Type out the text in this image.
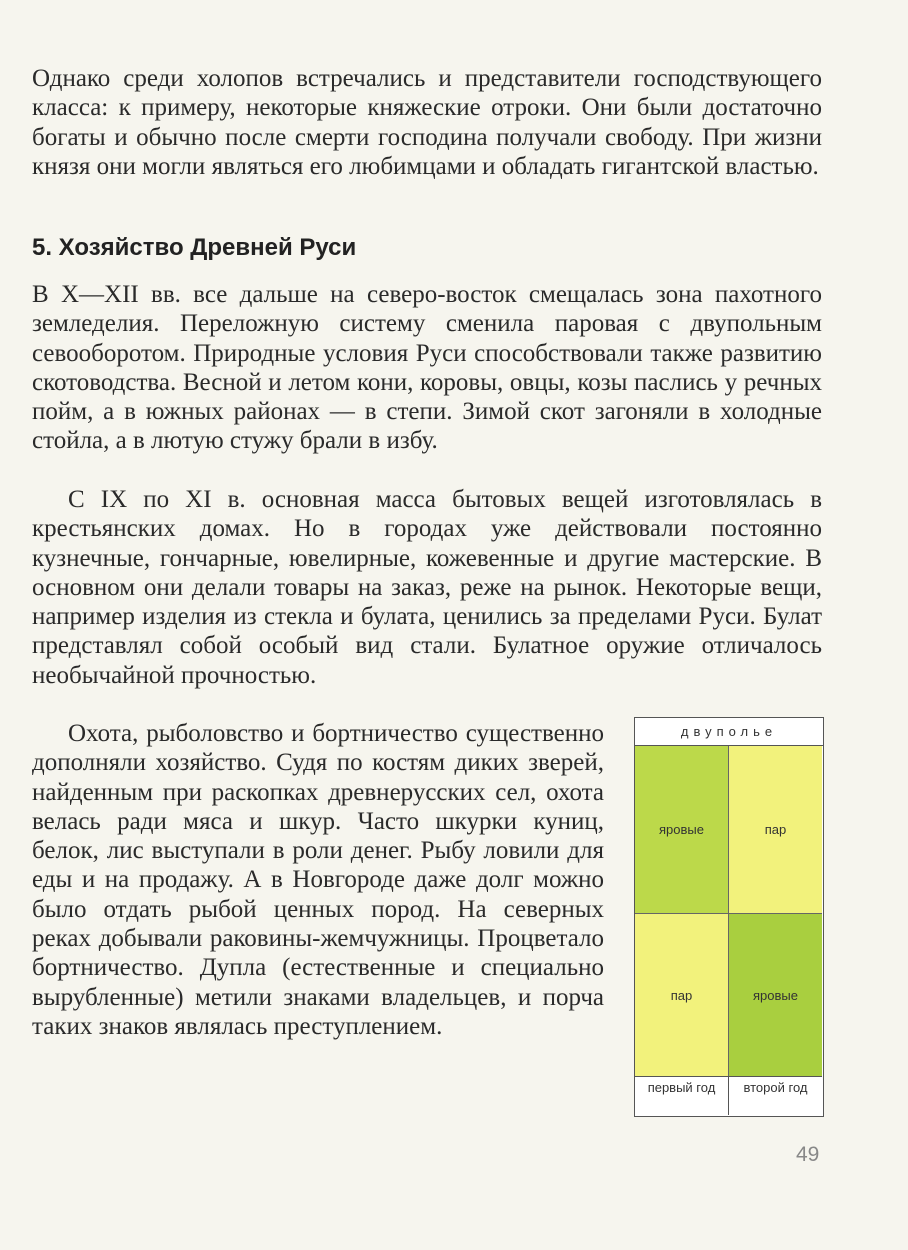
Однако среди холопов встречались и представители господствующего класса: к примеру, некоторые княжеские отроки. Они были достаточно богаты и обычно после смерти господина получали свободу. При жизни князя они могли являться его любимцами и обладать гигантской властью.

5. Хозяйство Древней Руси

В X—XII вв. все дальше на северо-восток смещалась зона пахотного земледелия. Переложную систему сменила паровая с двупольным севооборотом. Природные условия Руси способствовали также развитию скотоводства. Весной и летом кони, коровы, овцы, козы паслись у речных пойм, а в южных районах — в степи. Зимой скот загоняли в холодные стойла, а в лютую стужу брали в избу.

С IX по XI в. основная масса бытовых вещей изготовлялась в крестьянских домах. Но в городах уже действовали постоянно кузнечные, гончарные, ювелирные, кожевенные и другие мастерские. В основном они делали товары на заказ, реже на рынок. Некоторые вещи, например изделия из стекла и булата, ценились за пределами Руси. Булат представлял собой особый вид стали. Булатное оружие отличалось необычайной прочностью.

Охота, рыболовство и бортничество существенно дополняли хозяйство. Судя по костям диких зверей, найденным при раскопках древнерусских сел, охота велась ради мяса и шкур. Часто шкурки куниц, белок, лис выступали в роли денег. Рыбу ловили для еды и на продажу. А в Новгороде даже долг можно было отдать рыбой ценных пород. На северных реках добывали раковины-жемчужницы. Процветало бортничество. Дупла (естественные и специально вырубленные) метили знаками владельцев, и порча таких знаков являлась преступлением.

двуполье
яровые	пар
пар	яровые
первый год	второй год
49
